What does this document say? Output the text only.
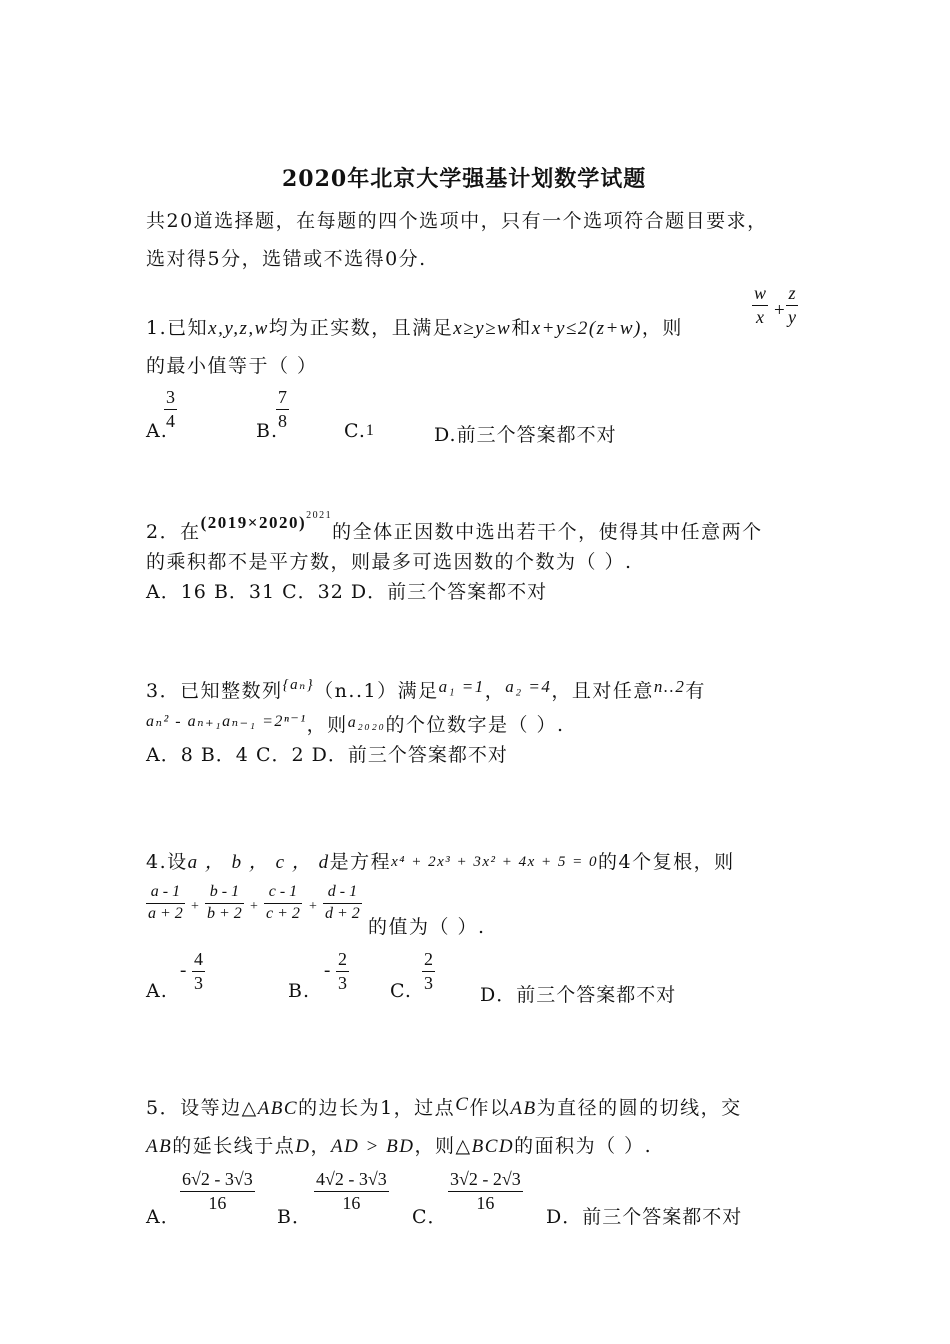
2020年北京大学强基计划数学试题
共20道选择题，在每题的四个选项中，只有一个选项符合题目要求，
选对得5分，选错或不选得0分.
1.已知x,y,z,w均为正实数，且满足x≥y≥w和x+y≤2(z+w)，则
w
x +
z
y
的最小值等于（ ）
A.
3
4	B.
7
8	C.1	D.前三个答案都不对
2．在$(2019\times 2020)^{2021}$的全体正因数中选出若干个，使得其中任意两个
的乘积都不是平方数，则最多可选因数的个数为（ ）.
A．16 B．31 C．32 D．前三个答案都不对
3．已知整数列$^{\{a_n\}}$（n..1）满足a₁ =1，a₂ =4，且对任意n..2有
$^{a_n^2 - a_{n+1}a_{n-1} =2^{n-1}}$，则$^{a_{2020}}$的个位数字是（ ）.
A．8 B．4 C．2 D．前三个答案都不对
4.设a ， b ， c ， d是方程x⁴ + 2x³ + 3x² + 4x + 5 = 0的4个复根，则
a - 1
a + 2 +
b - 1
b + 2 +
c - 1
c + 2 +
d - 1
d + 2
的值为（ ）.
A.
-
4
3	B.
-
2
3 C.
2
3
D．前三个答案都不对
5．设等边△ABC的边长为1，过点C作以AB为直径的圆的切线，交
AB的延长线于点D，AD > BD，则△BCD的面积为（ ）.
A．
6√2 - 3√3
16
B．
4√2 - 3√3
16
C．
3√2 - 2√3
16
D．前三个答案都不对
